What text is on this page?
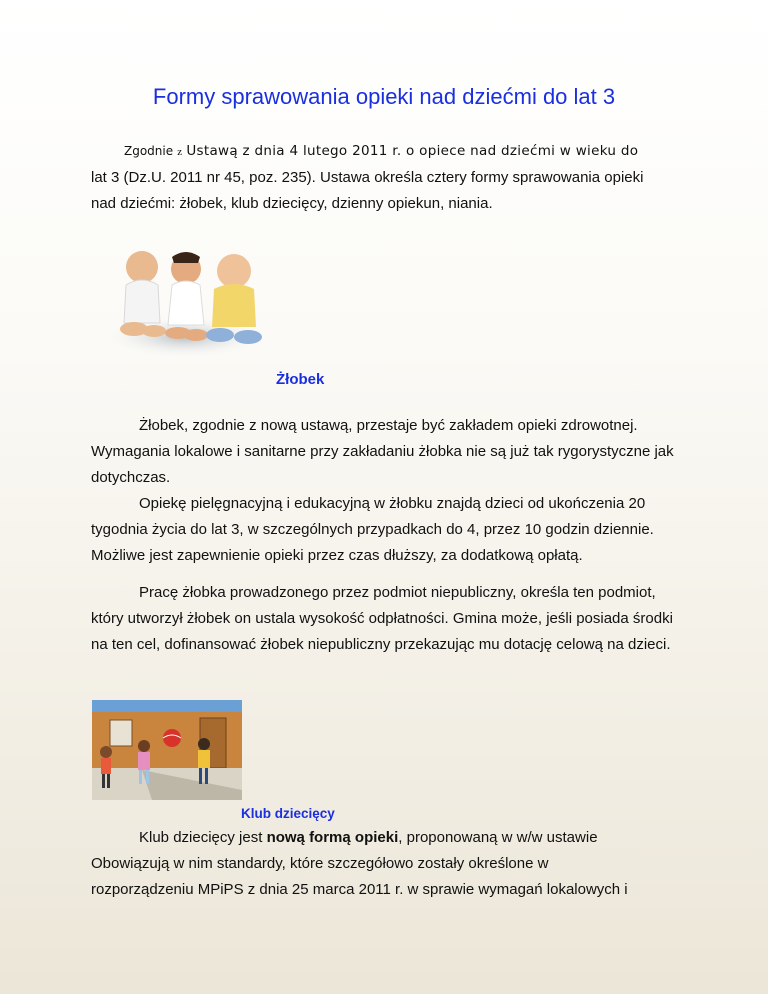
Formy sprawowania opieki nad dziećmi do lat 3
Zgodnie z Ustawą z dnia 4 lutego 2011 r. o opiece nad dziećmi w wieku do
lat 3 (Dz.U. 2011 nr 45, poz. 235). Ustawa określa cztery formy sprawowania opieki
nad dziećmi: żłobek, klub dziecięcy, dzienny opiekun, niania.
Żłobek

Żłobek, zgodnie z nową ustawą, przestaje być zakładem opieki zdrowotnej. Wymagania lokalowe i sanitarne przy zakładaniu żłobka nie są już tak rygorystyczne jak dotychczas.

Opiekę pielęgnacyjną i edukacyjną w żłobku znajdą dzieci od ukończenia 20 tygodnia życia do lat 3, w szczególnych przypadkach do 4, przez 10 godzin dziennie. Możliwe jest zapewnienie opieki przez czas dłuższy, za dodatkową opłatą.

Pracę żłobka prowadzonego przez podmiot niepubliczny, określa ten podmiot, który utworzył żłobek on ustala wysokość odpłatności. Gmina może, jeśli posiada środki na ten cel, dofinansować żłobek niepubliczny przekazując mu dotację celową na dzieci.

Klub dziecięcy
Klub dziecięcy jest nową formą opieki, proponowaną w w/w ustawie
Obowiązują w nim standardy, które szczegółowo zostały określone w
rozporządzeniu MPiPS z dnia 25 marca 2011 r. w sprawie wymagań lokalowych i
